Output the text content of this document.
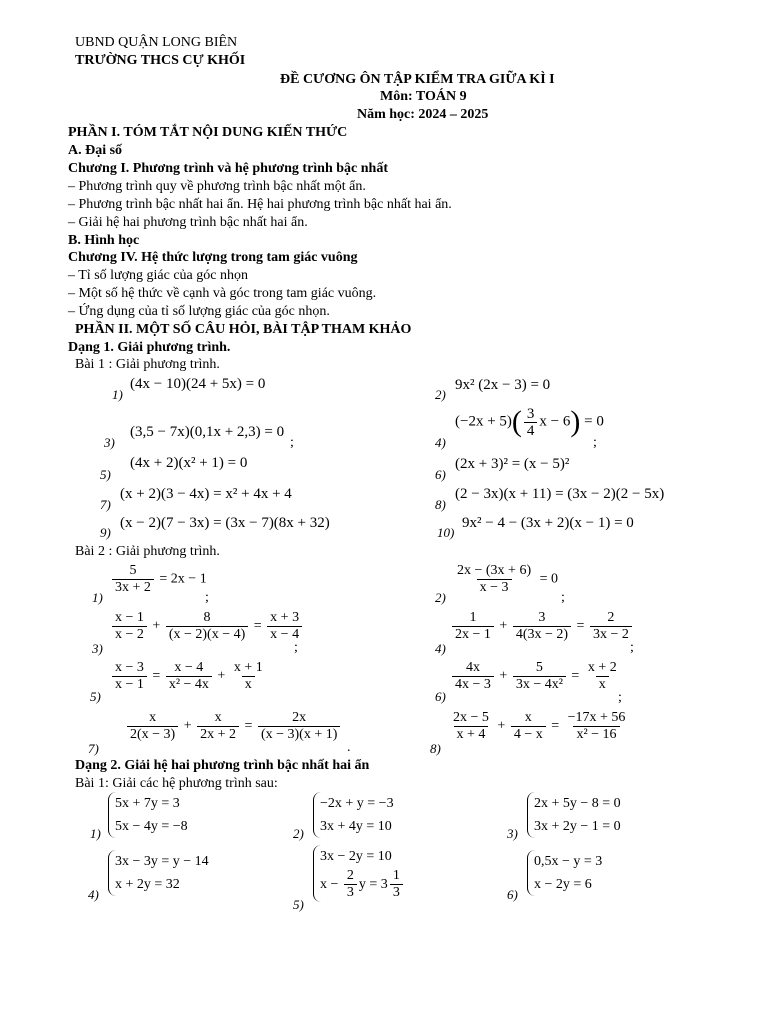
UBND QUẬN LONG BIÊN
TRƯỜNG THCS CỰ KHỐI
ĐỀ CƯƠNG ÔN TẬP KIỂM TRA GIỮA KÌ I
Môn: TOÁN 9
Năm học: 2024 – 2025
PHẦN I. TÓM TẮT NỘI DUNG KIẾN THỨC
A. Đại số
Chương I. Phương trình và hệ phương trình bậc nhất
– Phương trình quy về phương trình bậc nhất một ẩn.
– Phương trình bậc nhất hai ẩn. Hệ hai phương trình bậc nhất hai ẩn.
– Giải hệ hai phương trình bậc nhất hai ẩn.
B. Hình học
Chương IV. Hệ thức lượng trong tam giác vuông
– Tỉ số lượng giác của góc nhọn
– Một số hệ thức về cạnh và góc trong tam giác vuông.
– Ứng dụng của tỉ số lượng giác của góc nhọn.
PHẦN II. MỘT SỐ CÂU HỎI, BÀI TẬP THAM KHẢO
Dạng 1. Giải phương trình.
Bài 1 : Giải phương trình.
1)
(4x − 10)(24 + 5x) = 0
2)
9x² (2x − 3) = 0
3)
(3,5 − 7x)(0,1x + 2,3) = 0
;	4)
$(-2x + 5)( \frac{3}{4}$ x − 6) = 0
;
5)
(4x + 2)(x² + 1) = 0
6)
(2x + 3)² = (x − 5)²
7)
(x + 2)(3 − 4x) = x² + 4x + 4
8)
(2 − 3x)(x + 11) = (3x − 2)(2 − 5x)
9)
(x − 2)(7 − 3x) = (3x − 7)(8x + 32)
10)
9x² − 4 − (3x + 2)(x − 1) = 0
Bài 2 : Giải phương trình.
1)
$\frac{5}{3x + 2} = 2x - 1$
;	2)
$\frac{2x - (3x + 6)}{x - 3} = 0$
;
3)
$\frac{x - 1}{x - 2} + \frac{8}{(x - 2)(x - 4)} = \frac{x + 3}{x - 4}$
;	4)
$\frac{1}{2x - 1} + \frac{3}{4(3x - 2)} = \frac{2}{3x - 2}$
;
5)
$\frac{x - 3}{x - 1} = \frac{x - 4}{\text{x² − 4x}} + \frac{x + 1}{x}$
6)
$\frac{4x}{4x - 3} + \frac{5}{\text{3x − 4x²}} = \frac{x + 2}{x}$
;
7)
$\frac{x}{2(x - 3)} + \frac{x}{2x + 2} = \frac{2x}{(x - 3)(x + 1)}$
.	8)
$\frac{2x - 5}{x + 4} + \frac{x}{4 - x} = \frac{-17x + 56}{\text{x² − 16}}$
Dạng 2. Giải hệ hai phương trình bậc nhất hai ẩn
Bài 1: Giải các hệ phương trình sau:
1)
5x + 7y = 3
5x − 4y = −8	2)
−2x + y = −3
3x + 4y = 10	3)
2x + 5y − 8 = 0
3x + 2y − 1 = 0
4)
3x − 3y = y − 14
x + 2y = 32
5)
3x − 2y = 10
$x - \frac{2}{3}$ $y = 3 \frac{1}{3}$	6)
0,5x − y = 3
x − 2y = 6
